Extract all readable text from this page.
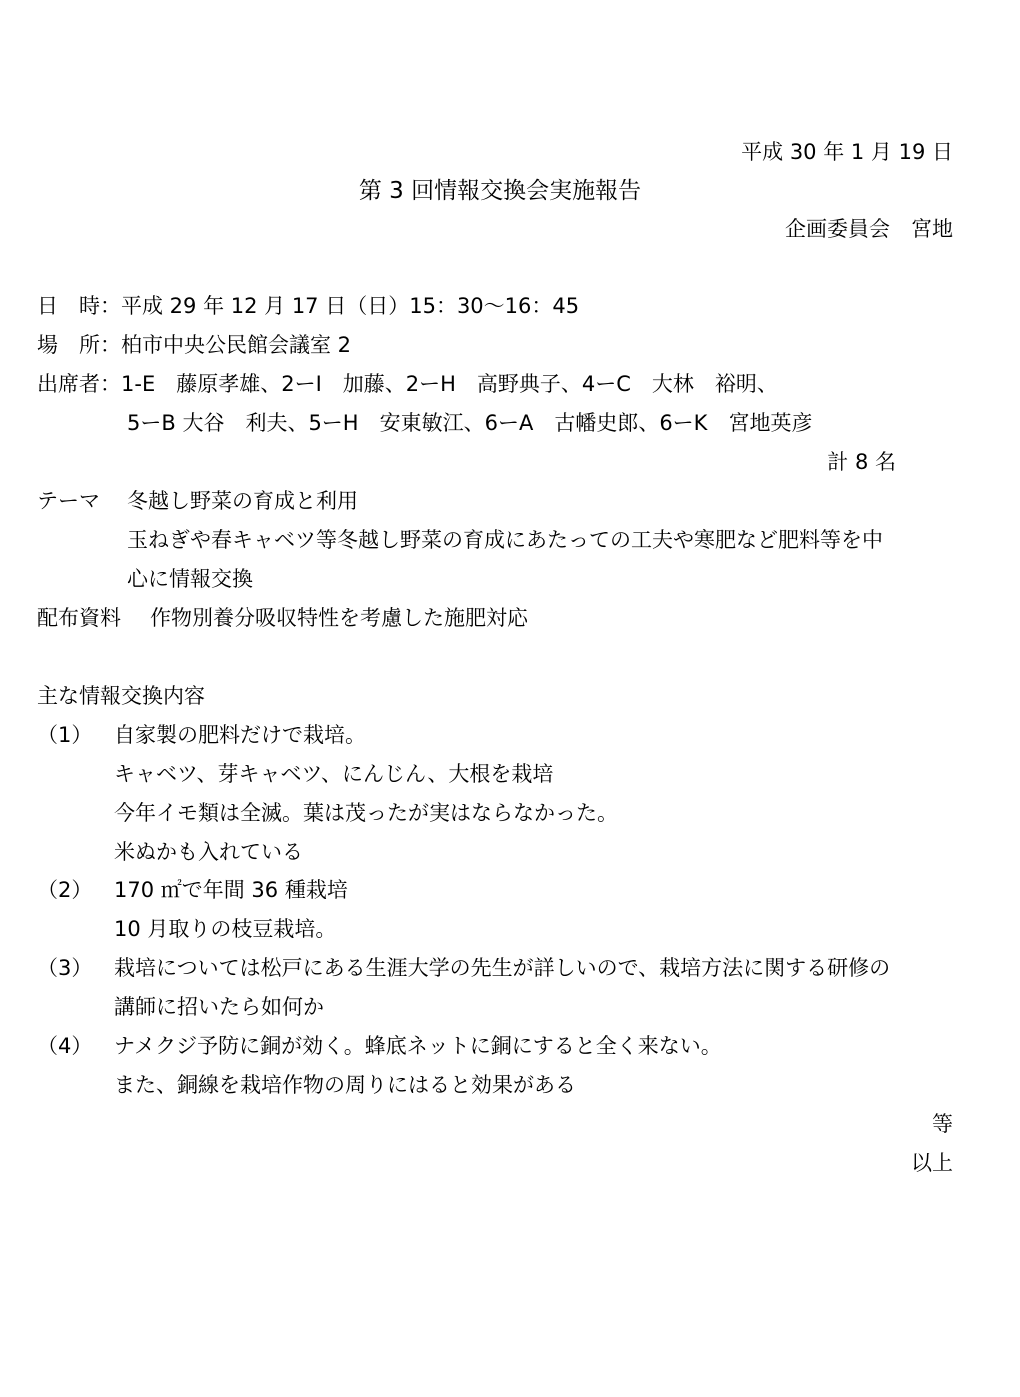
平成 30 年 1 月 19 日
第 3 回情報交換会実施報告
企画委員会　宮地
日　時：平成 29 年 12 月 17 日（日）15：30～16：45
場　所：柏市中央公民館会議室 2
出席者：1-E　藤原孝雄、2ーI　加藤、2ーH　高野典子、4ーC　大林　裕明、
5ーB 大谷　利夫、5ーH　安東敏江、6ーA　古幡史郎、6ーK　宮地英彦
計 8 名
テーマ 冬越し野菜の育成と利用
玉ねぎや春キャベツ等冬越し野菜の育成にあたっての工夫や寒肥など肥料等を中
心に情報交換
配布資料 作物別養分吸収特性を考慮した施肥対応
主な情報交換内容
（1） 自家製の肥料だけで栽培。
キャベツ、芽キャベツ、にんじん、大根を栽培
今年イモ類は全滅。葉は茂ったが実はならなかった。
米ぬかも入れている
（2） 170 ㎡で年間 36 種栽培
10 月取りの枝豆栽培。
（3） 栽培については松戸にある生涯大学の先生が詳しいので、栽培方法に関する研修の
講師に招いたら如何か
（4） ナメクジ予防に銅が効く。蜂底ネットに銅にすると全く来ない。
また、銅線を栽培作物の周りにはると効果がある
等
以上
